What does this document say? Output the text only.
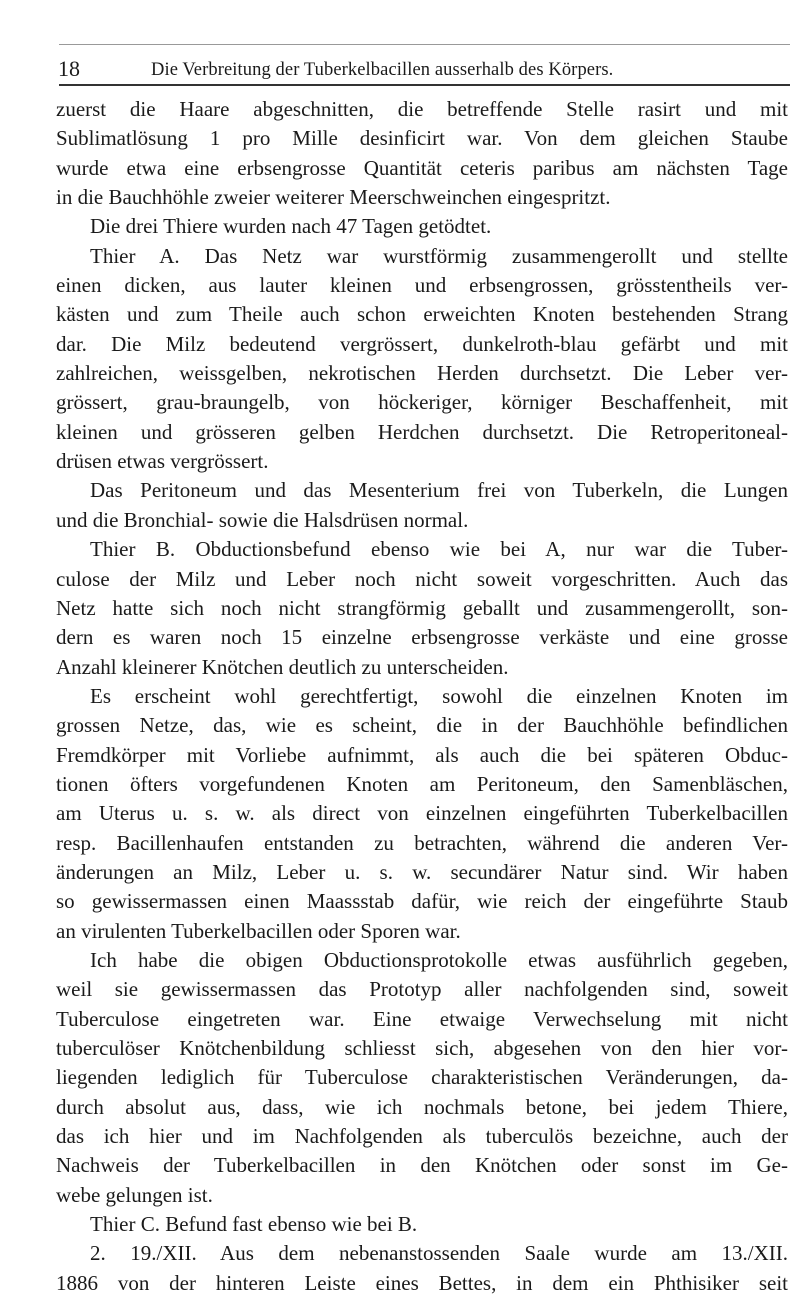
18	Die Verbreitung der Tuberkelbacillen ausserhalb des Körpers.
zuerst die Haare abgeschnitten, die betreffende Stelle rasirt und mit
Sublimatlösung 1 pro Mille desinficirt war. Von dem gleichen Staube
wurde etwa eine erbsengrosse Quantität ceteris paribus am nächsten Tage
in die Bauchhöhle zweier weiterer Meerschweinchen eingespritzt.
Die drei Thiere wurden nach 47 Tagen getödtet.
Thier A. Das Netz war wurstförmig zusammengerollt und stellte
einen dicken, aus lauter kleinen und erbsengrossen, grösstentheils ver-
kästen und zum Theile auch schon erweichten Knoten bestehenden Strang
dar. Die Milz bedeutend vergrössert, dunkelroth-blau gefärbt und mit
zahlreichen, weissgelben, nekrotischen Herden durchsetzt. Die Leber ver-
grössert, grau-braungelb, von höckeriger, körniger Beschaffenheit, mit
kleinen und grösseren gelben Herdchen durchsetzt. Die Retroperitoneal-
drüsen etwas vergrössert.
Das Peritoneum und das Mesenterium frei von Tuberkeln, die Lungen
und die Bronchial- sowie die Halsdrüsen normal.
Thier B. Obductionsbefund ebenso wie bei A, nur war die Tuber-
culose der Milz und Leber noch nicht soweit vorgeschritten. Auch das
Netz hatte sich noch nicht strangförmig geballt und zusammengerollt, son-
dern es waren noch 15 einzelne erbsengrosse verkäste und eine grosse
Anzahl kleinerer Knötchen deutlich zu unterscheiden.
Es erscheint wohl gerechtfertigt, sowohl die einzelnen Knoten im
grossen Netze, das, wie es scheint, die in der Bauchhöhle befindlichen
Fremdkörper mit Vorliebe aufnimmt, als auch die bei späteren Obduc-
tionen öfters vorgefundenen Knoten am Peritoneum, den Samenbläschen,
am Uterus u. s. w. als direct von einzelnen eingeführten Tuberkelbacillen
resp. Bacillenhaufen entstanden zu betrachten, während die anderen Ver-
änderungen an Milz, Leber u. s. w. secundärer Natur sind. Wir haben
so gewissermassen einen Maassstab dafür, wie reich der eingeführte Staub
an virulenten Tuberkelbacillen oder Sporen war.
Ich habe die obigen Obductionsprotokolle etwas ausführlich gegeben,
weil sie gewissermassen das Prototyp aller nachfolgenden sind, soweit
Tuberculose eingetreten war. Eine etwaige Verwechselung mit nicht
tuberculöser Knötchenbildung schliesst sich, abgesehen von den hier vor-
liegenden lediglich für Tuberculose charakteristischen Veränderungen, da-
durch absolut aus, dass, wie ich nochmals betone, bei jedem Thiere,
das ich hier und im Nachfolgenden als tuberculös bezeichne, auch der
Nachweis der Tuberkelbacillen in den Knötchen oder sonst im Ge-
webe gelungen ist.
Thier C. Befund fast ebenso wie bei B.
2. 19./XII. Aus dem nebenanstossenden Saale wurde am 13./XII.
1886 von der hinteren Leiste eines Bettes, in dem ein Phthisiker seit
